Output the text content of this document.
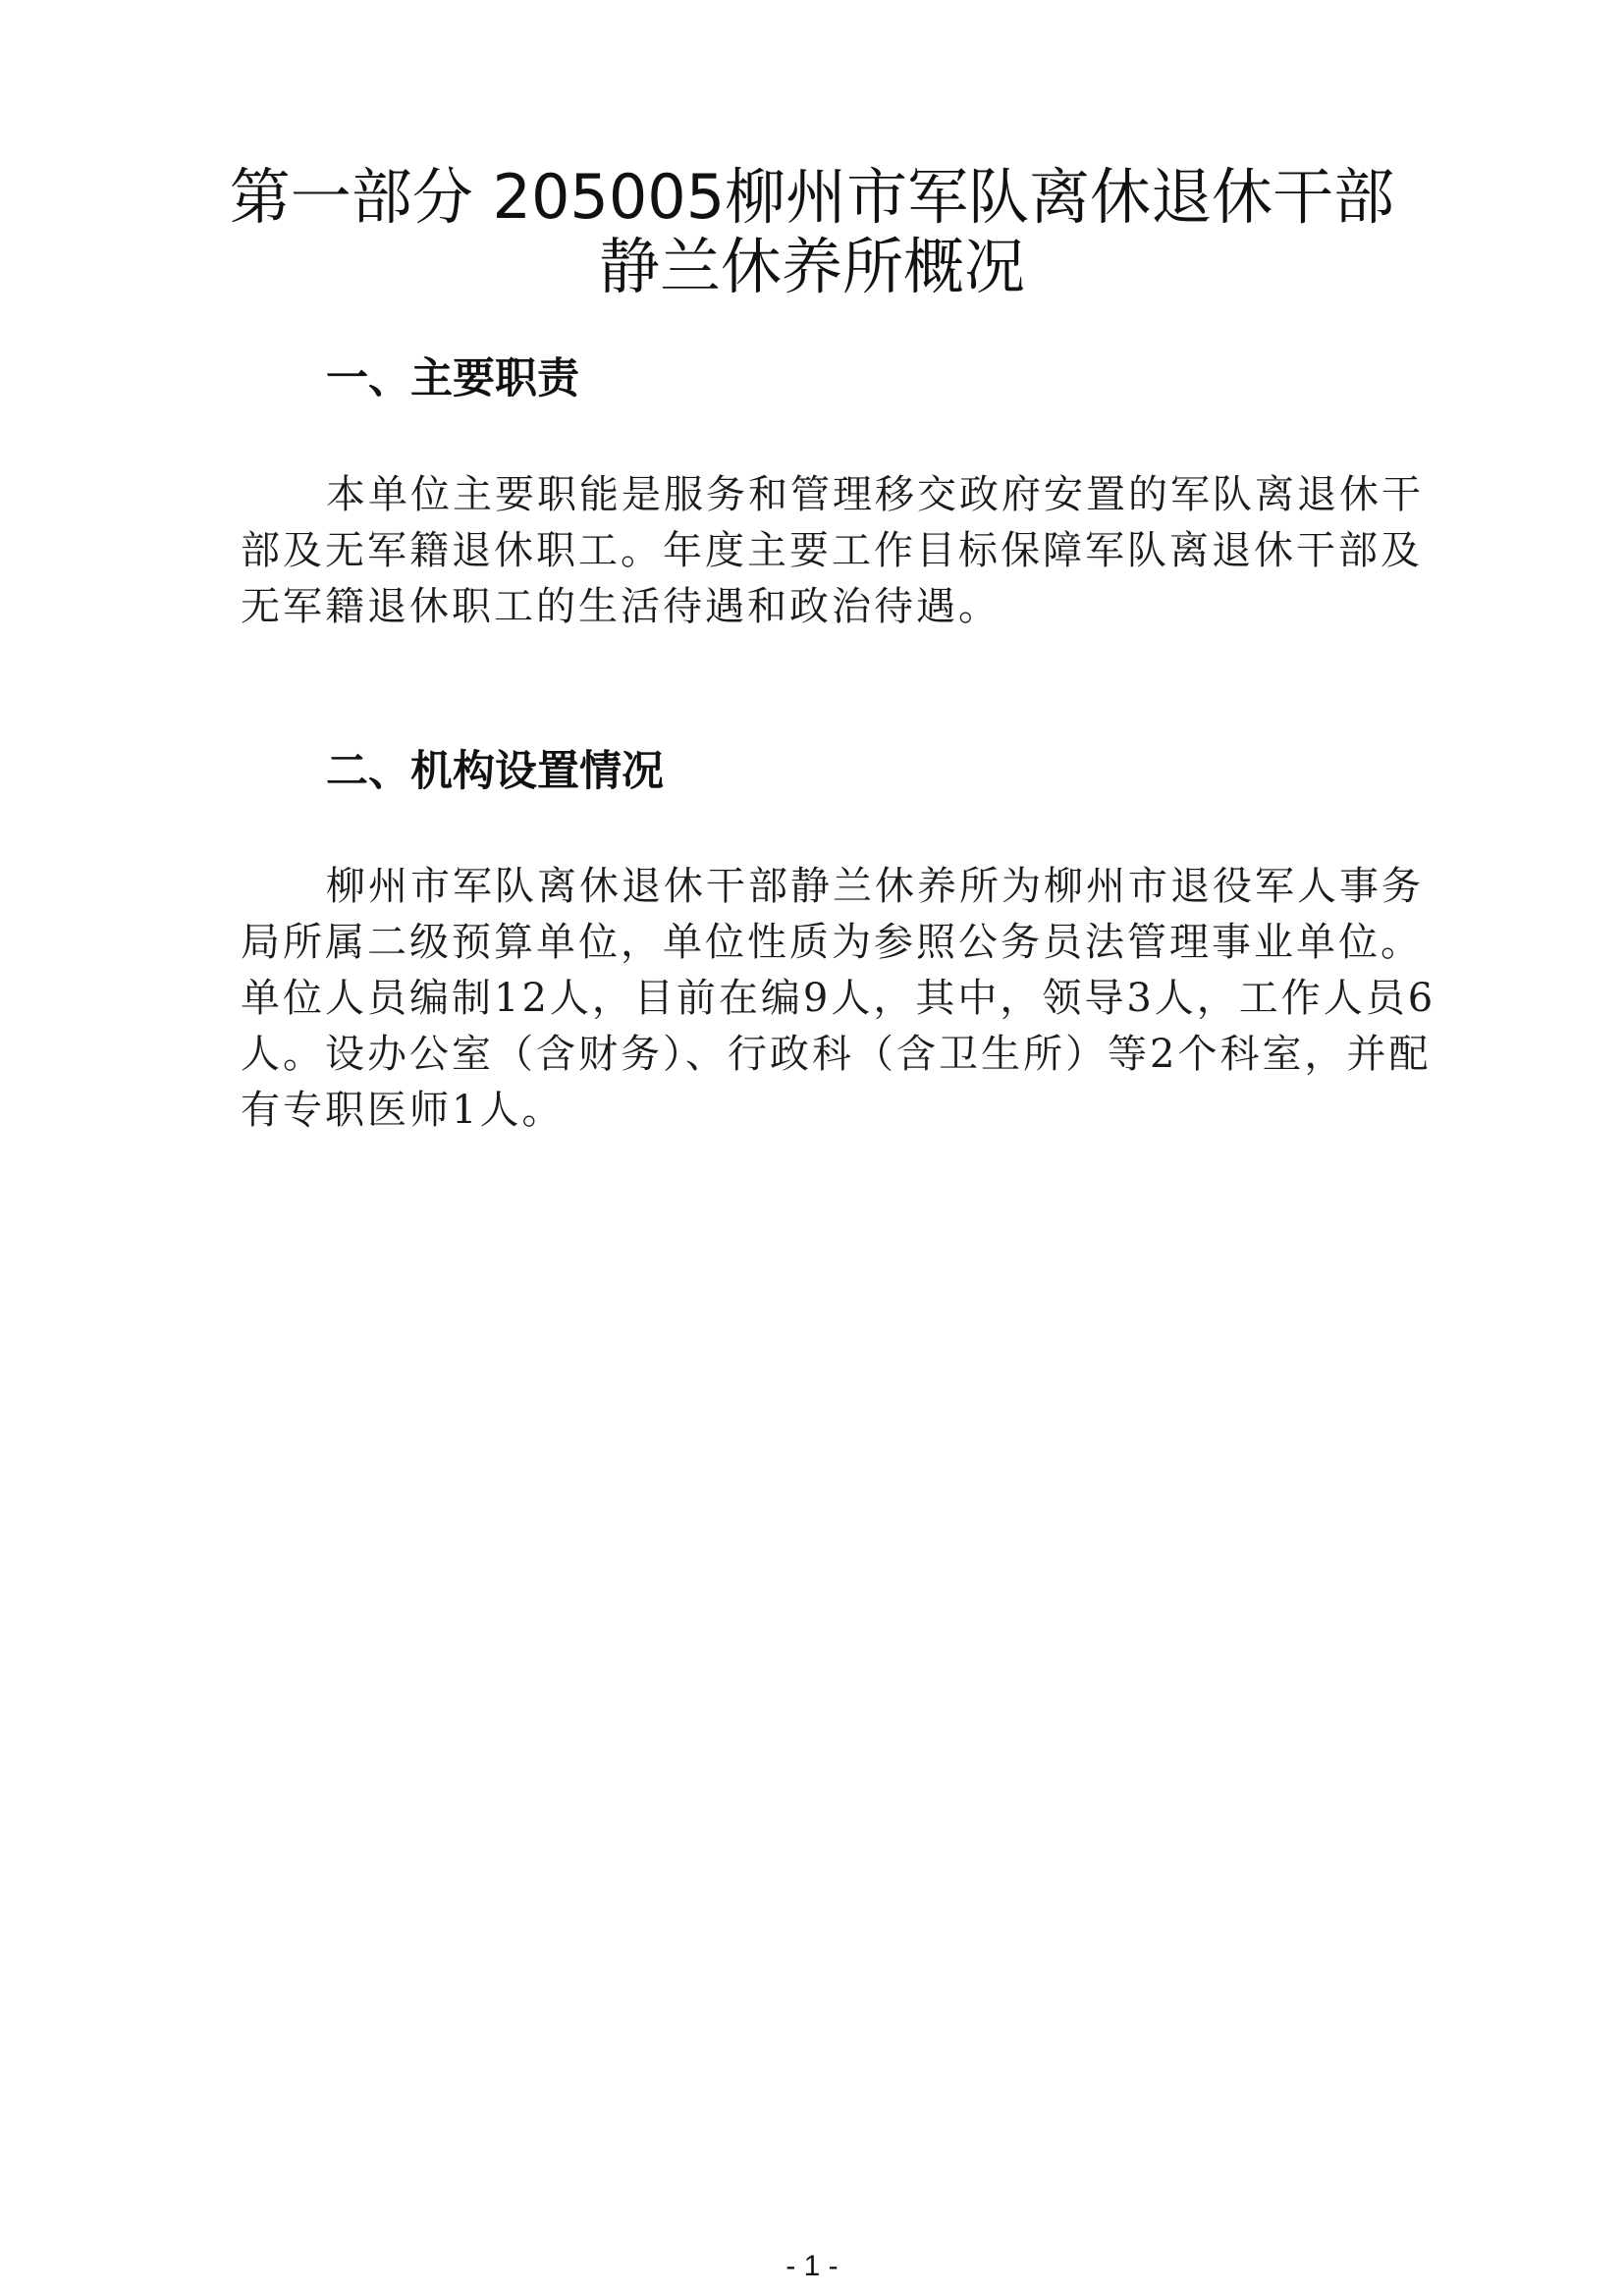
第一部分 205005柳州市军队离休退休干部
静兰休养所概况
一、主要职责
本单位主要职能是服务和管理移交政府安置的军队离退休干
部及无军籍退休职工。年度主要工作目标保障军队离退休干部及
无军籍退休职工的生活待遇和政治待遇。
二、机构设置情况
柳州市军队离休退休干部静兰休养所为柳州市退役军人事务
局所属二级预算单位，单位性质为参照公务员法管理事业单位。
单位人员编制12人，目前在编9人，其中，领导3人，工作人员6
人。设办公室（含财务）、行政科（含卫生所）等2个科室，并配
有专职医师1人。
- 1 -
